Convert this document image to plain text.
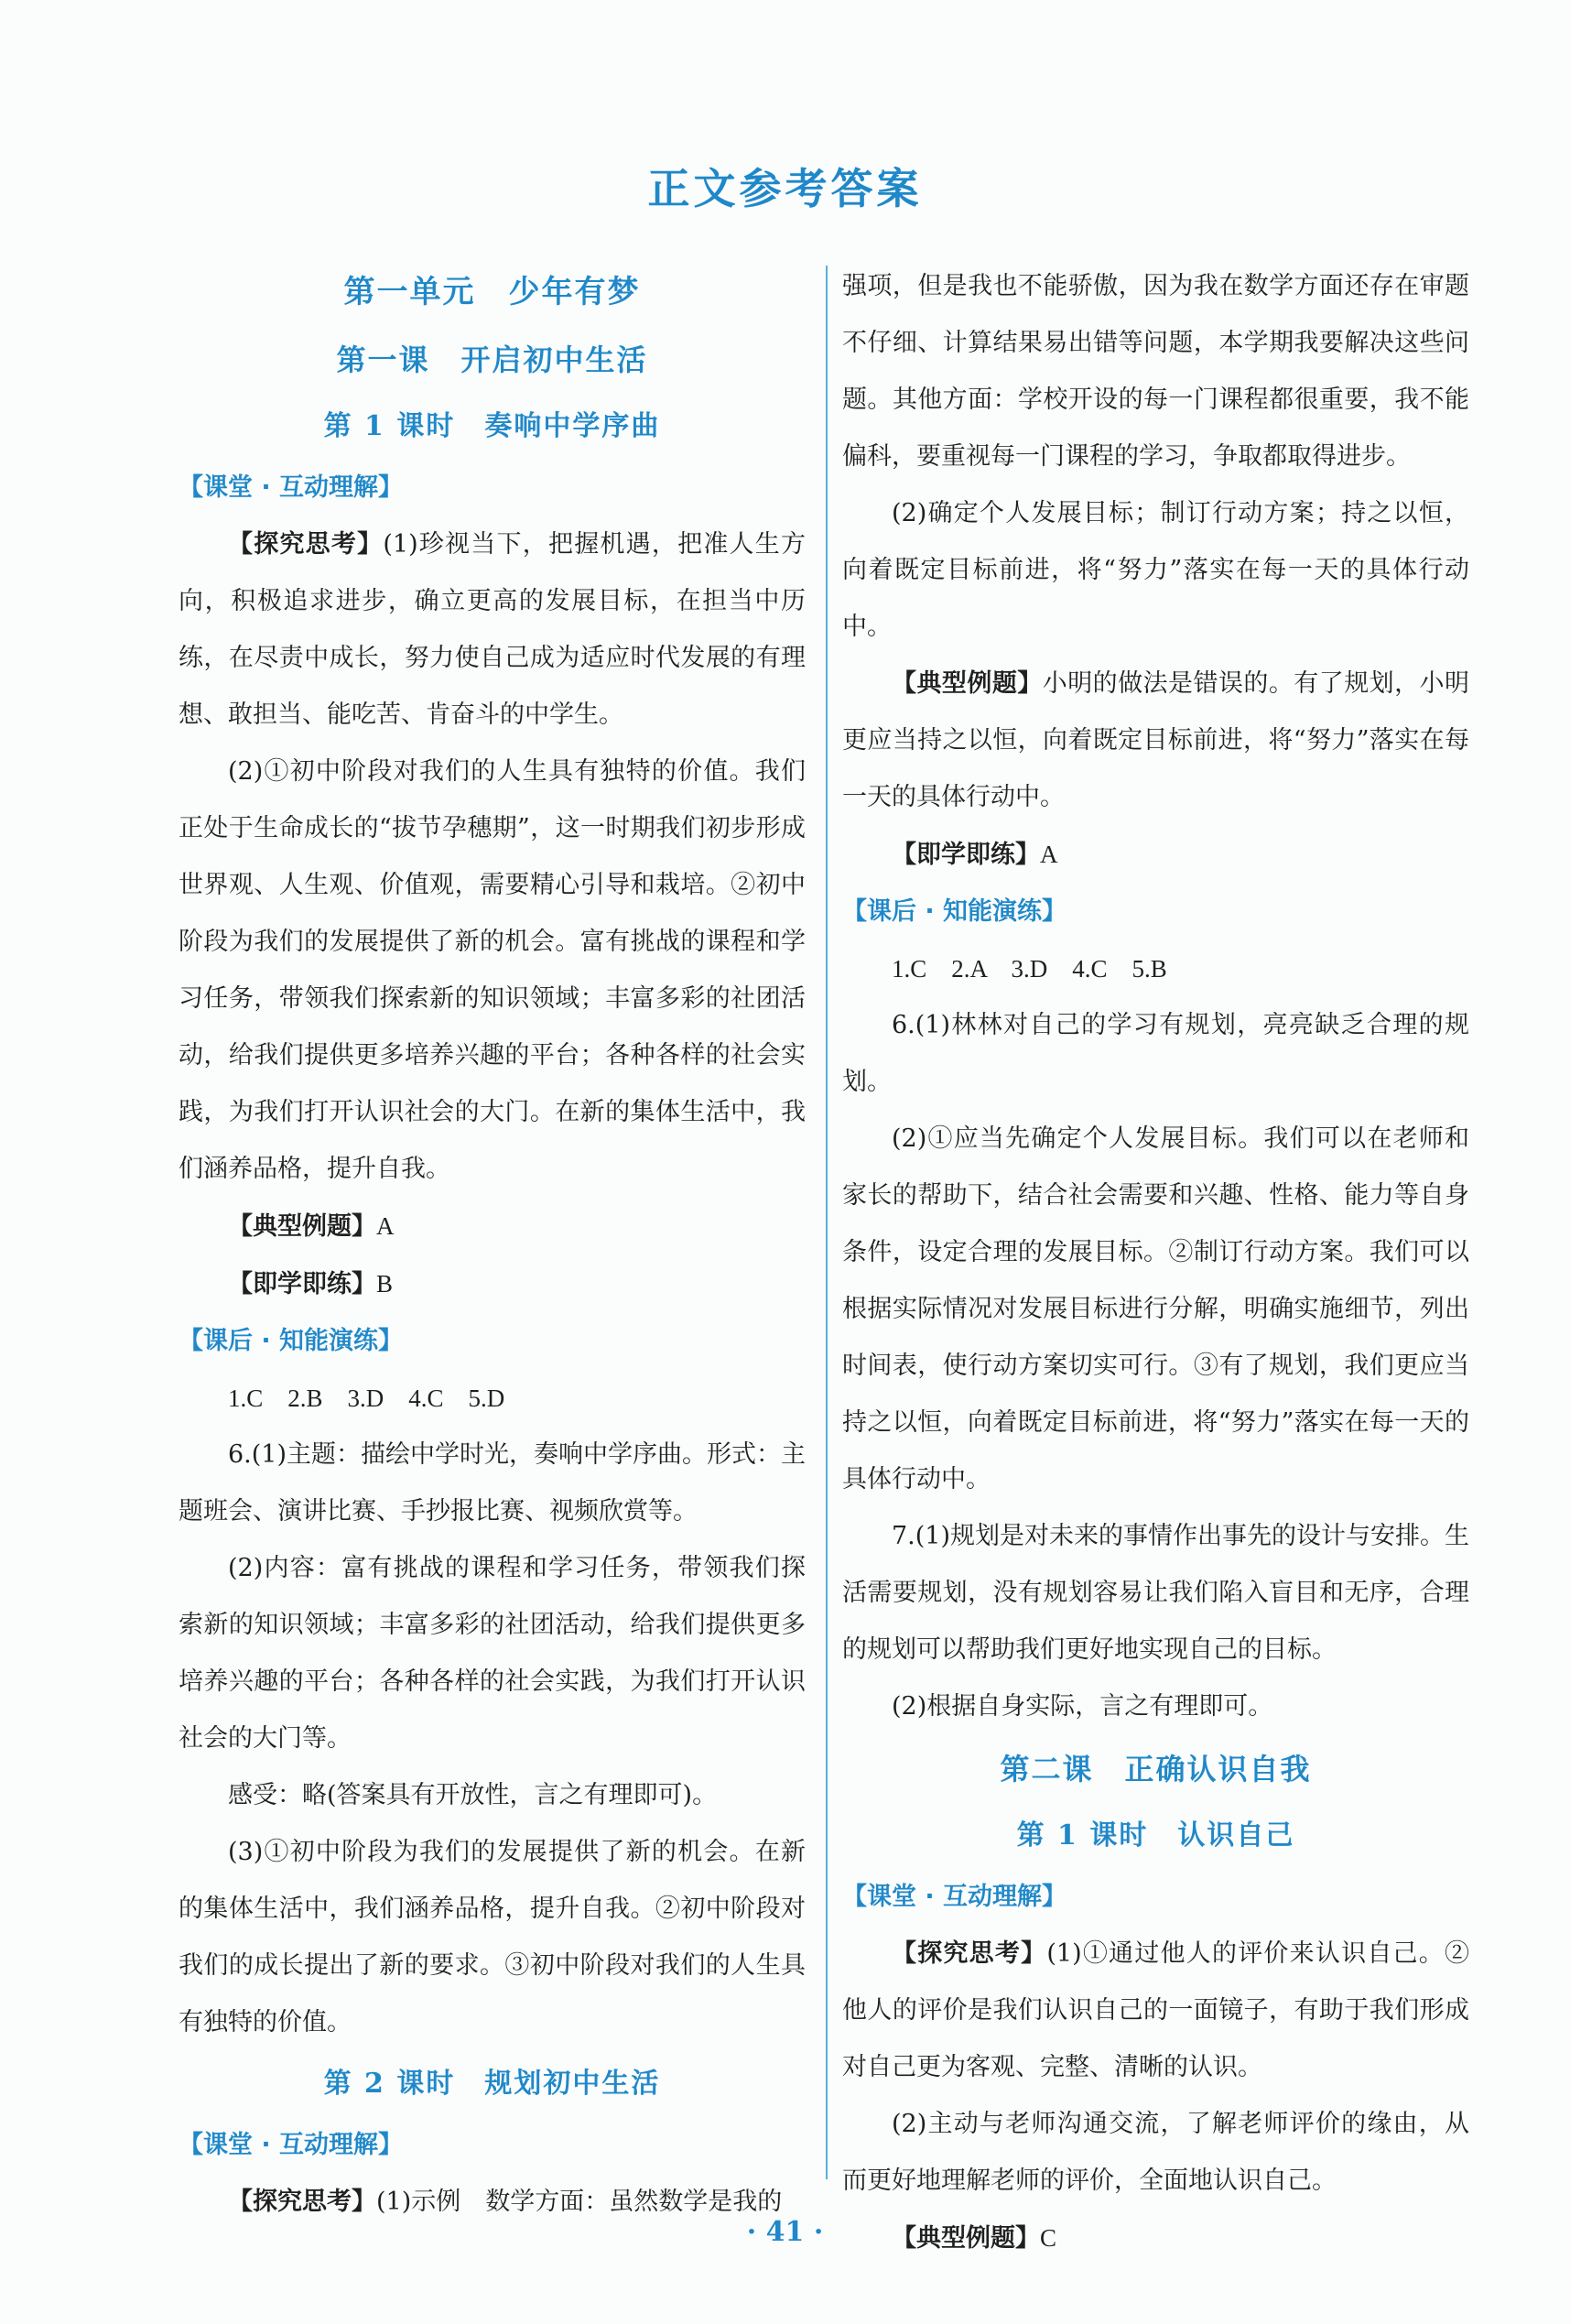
正文参考答案
第一单元　少年有梦
第一课　开启初中生活
第 1 课时　奏响中学序曲
【课堂 · 互动理解】

【探究思考】(1)珍视当下，把握机遇，把准人生方向，积极追求进步，确立更高的发展目标，在担当中历练，在尽责中成长，努力使自己成为适应时代发展的有理想、敢担当、能吃苦、肯奋斗的中学生。

(2)①初中阶段对我们的人生具有独特的价值。我们正处于生命成长的“拔节孕穗期”，这一时期我们初步形成世界观、人生观、价值观，需要精心引导和栽培。②初中阶段为我们的发展提供了新的机会。富有挑战的课程和学习任务，带领我们探索新的知识领域；丰富多彩的社团活动，给我们提供更多培养兴趣的平台；各种各样的社会实践，为我们打开认识社会的大门。在新的集体生活中，我们涵养品格，提升自我。

【典型例题】A

【即学即练】B

【课后 · 知能演练】

1.C　2.B　3.D　4.C　5.D

6.(1)主题：描绘中学时光，奏响中学序曲。形式：主题班会、演讲比赛、手抄报比赛、视频欣赏等。

(2)内容：富有挑战的课程和学习任务，带领我们探索新的知识领域；丰富多彩的社团活动，给我们提供更多培养兴趣的平台；各种各样的社会实践，为我们打开认识社会的大门等。

感受：略(答案具有开放性，言之有理即可)。

(3)①初中阶段为我们的发展提供了新的机会。在新的集体生活中，我们涵养品格，提升自我。②初中阶段对我们的成长提出了新的要求。③初中阶段对我们的人生具有独特的价值。

第 2 课时　规划初中生活
【课堂 · 互动理解】

【探究思考】(1)示例　数学方面：虽然数学是我的

强项，但是我也不能骄傲，因为我在数学方面还存在审题不仔细、计算结果易出错等问题，本学期我要解决这些问题。其他方面：学校开设的每一门课程都很重要，我不能偏科，要重视每一门课程的学习，争取都取得进步。

(2)确定个人发展目标；制订行动方案；持之以恒，向着既定目标前进，将“努力”落实在每一天的具体行动中。

【典型例题】小明的做法是错误的。有了规划，小明更应当持之以恒，向着既定目标前进，将“努力”落实在每一天的具体行动中。

【即学即练】A

【课后 · 知能演练】

1.C　2.A　3.D　4.C　5.B

6.(1)林林对自己的学习有规划，亮亮缺乏合理的规划。

(2)①应当先确定个人发展目标。我们可以在老师和家长的帮助下，结合社会需要和兴趣、性格、能力等自身条件，设定合理的发展目标。②制订行动方案。我们可以根据实际情况对发展目标进行分解，明确实施细节，列出时间表，使行动方案切实可行。③有了规划，我们更应当持之以恒，向着既定目标前进，将“努力”落实在每一天的具体行动中。

7.(1)规划是对未来的事情作出事先的设计与安排。生活需要规划，没有规划容易让我们陷入盲目和无序，合理的规划可以帮助我们更好地实现自己的目标。

(2)根据自身实际，言之有理即可。

第二课　正确认识自我
第 1 课时　认识自己
【课堂 · 互动理解】

【探究思考】(1)①通过他人的评价来认识自己。②他人的评价是我们认识自己的一面镜子，有助于我们形成对自己更为客观、完整、清晰的认识。

(2)主动与老师沟通交流，了解老师评价的缘由，从而更好地理解老师的评价，全面地认识自己。

【典型例题】C

· 41 ·
